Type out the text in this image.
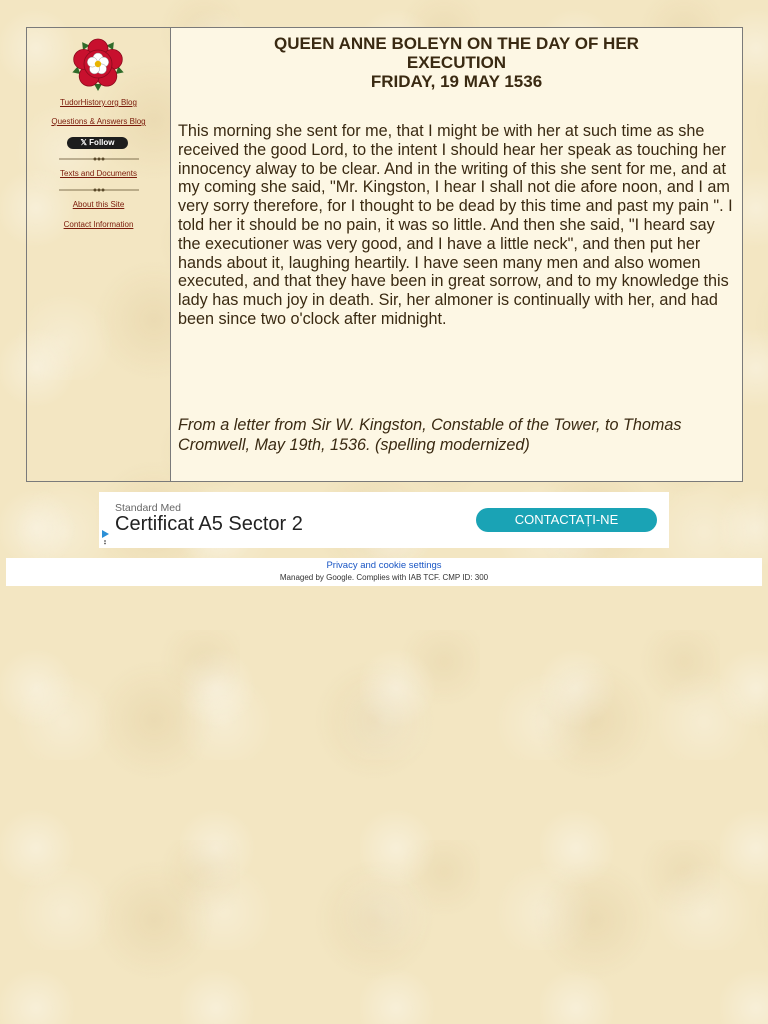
TudorHistory.org Blog
Questions & Answers Blog
𝕏 Follow
Texts and Documents
About this Site
Contact Information
QUEEN ANNE BOLEYN ON THE DAY OF HER
EXECUTION
FRIDAY, 19 MAY 1536

This morning she sent for me, that I might be with her at such time as she received the good Lord, to the intent I should hear her speak as touching her innocency alway to be clear. And in the writing of this she sent for me, and at my coming she said, "Mr. Kingston, I hear I shall not die afore noon, and I am very sorry therefore, for I thought to be dead by this time and past my pain ". I told her it should be no pain, it was so little. And then she said, "I heard say the executioner was very good, and I have a little neck", and then put her hands about it, laughing heartily. I have seen many men and also women executed, and that they have been in great sorrow, and to my knowledge this lady has much joy in death. Sir, her almoner is continually with her, and had been since two o'clock after midnight.

From a letter from Sir W. Kingston, Constable of the Tower, to Thomas Cromwell, May 19th, 1536. (spelling modernized)

Standard Med
Certificat A5 Sector 2	CONTACTAȚI-NE
Privacy and cookie settings
Managed by Google. Complies with IAB TCF. CMP ID: 300
